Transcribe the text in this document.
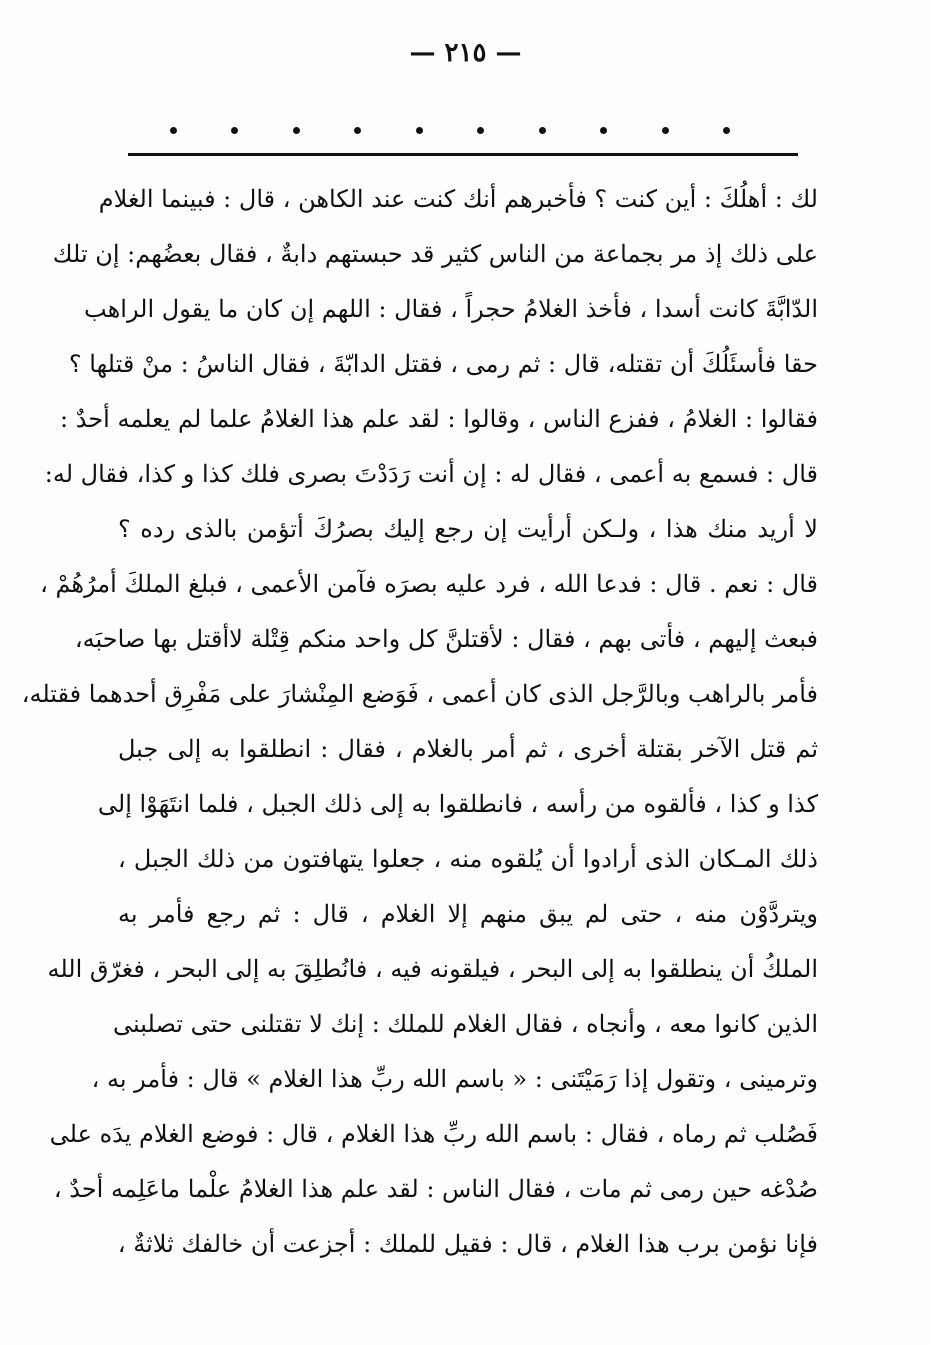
— ٢١٥ —
لك : أهلُكَ : أين كنت ؟ فأخبرهم أنك كنت عند الكاهن ، قال : فبينما الغلام
على ذلك إذ مر بجماعة من الناس كثير قد حبستهم دابةٌ ، فقال بعضُهم: إن تلك
الدّابَّةَ كانت أسدا ، فأخذ الغلامُ حجراً ، فقال : اللهم إن كان ما يقول الراهب
حقا فأسئَلُكَ أن تقتله، قال : ثم رمى ، فقتل الدابّةَ ، فقال الناسُ : منْ قتلها ؟
فقالوا : الغلامُ ، ففزع الناس ، وقالوا : لقد علم هذا الغلامُ علما لم يعلمه أحدٌ :
قال : فسمع به أعمى ، فقال له : إن أنت رَدَدْتَ بصرى فلك كذا و كذا، فقال له:
لا أريد منك هذا ، ولـكن أرأيت إن رجع إليك بصرُكَ أتؤمن بالذى رده ؟
قال : نعم . قال : فدعا الله ، فرد عليه بصرَه فآمن الأعمى ، فبلغ الملكَ أمرُهُمْ ،
فبعث إليهم ، فأتى بهم ، فقال : لأقتلنَّ كل واحد منكم قِتْلة لاأقتل بها صاحبَه،
فأمر بالراهب وبالرَّجل الذى كان أعمى ، فَوَضع المِنْشارَ على مَفْرِق أحدهما فقتله،
ثم قتل الآخر بقتلة أخرى ، ثم أمر بالغلام ، فقال : انطلقوا به إلى جبل
كذا و كذا ، فألقوه من رأسه ، فانطلقوا به إلى ذلك الجبل ، فلما انتَهَوْا إلى
ذلك المـكان الذى أرادوا أن يُلقوه منه ، جعلوا يتهافتون من ذلك الجبل ،
ويتردَّوْن منه ، حتى لم يبق منهم إلا الغلام ، قال : ثم رجع فأمر به
الملكُ أن ينطلقوا به إلى البحر ، فيلقونه فيه ، فانُطلِقَ به إلى البحر ، فغرّق الله
الذين كانوا معه ، وأنجاه ، فقال الغلام للملك : إنك لا تقتلنى حتى تصلبنى
وترمينى ، وتقول إذا رَمَيْتَنى : « باسم الله ربِّ هذا الغلام » قال : فأمر به ،
فَصُلب ثم رماه ، فقال : باسم الله ربِّ هذا الغلام ، قال : فوضع الغلام يدَه على
صُدْغه حين رمى ثم مات ، فقال الناس : لقد علم هذا الغلامُ علْما ماعَلِمه أحدٌ ،
فإنا نؤمن برب هذا الغلام ، قال : فقيل للملك : أجزعت أن خالفك ثلاثةٌ ،
